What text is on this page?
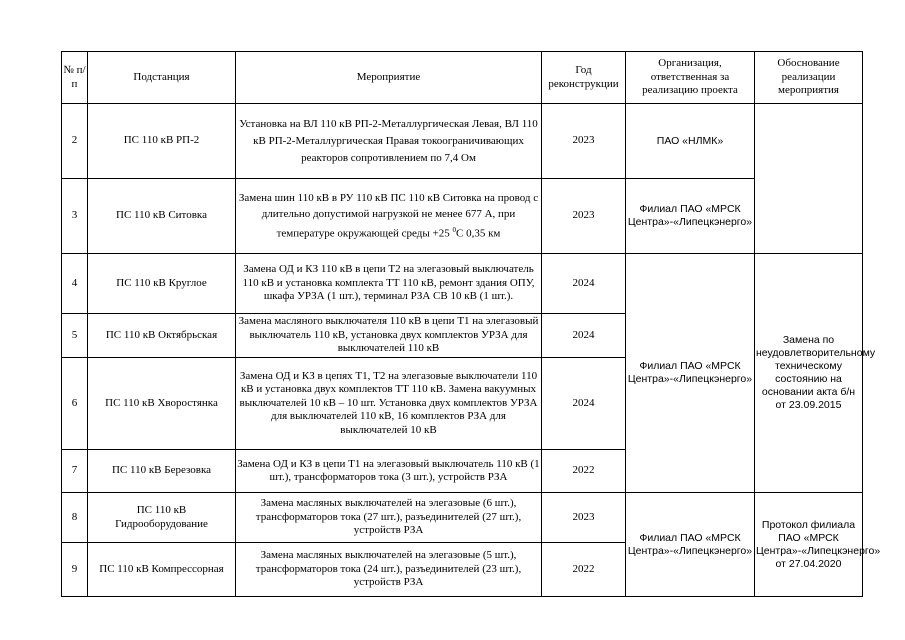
№ п/п	Подстанция	Мероприятие	Год реконструкции	Организация, ответственная за реализацию проекта	Обоснование реализации мероприятия
2	ПС 110 кВ РП-2	Установка на ВЛ 110 кВ РП-2-Металлургическая Левая, ВЛ 110 кВ РП-2-Металлургическая Правая токоограничивающих реакторов сопротивлением по 7,4 Ом	2023	ПАО «НЛМК»	
3	ПС 110 кВ Ситовка	Замена шин 110 кВ в РУ 110 кВ ПС 110 кВ Ситовка на провод с длительно допустимой нагрузкой не менее 677 А, при температуре окружающей среды +25 $^0$С 0,35 км	2023	Филиал ПАО «МРСК Центра»-«Липецкэнерго»	
4	ПС 110 кВ Круглое	Замена ОД и КЗ 110 кВ в цепи Т2 на элегазовый выключатель 110 кВ и установка комплекта ТТ 110 кВ, ремонт здания ОПУ, шкафа УРЗА (1 шт.), терминал РЗА СВ 10 кВ (1 шт.).	2024	Филиал ПАО «МРСК Центра»-«Липецкэнерго»	Замена по неудовлетворительному техническому состоянию на основании акта б/н от 23.09.2015
5	ПС 110 кВ Октябрьская	Замена масляного выключателя 110 кВ в цепи Т1 на элегазовый выключатель 110 кВ, установка двух комплектов УРЗА для выключателей 110 кВ	2024		
6	ПС 110 кВ Хворостянка	Замена ОД и КЗ в цепях Т1, Т2 на элегазовые выключатели 110 кВ и установка двух комплектов ТТ 110 кВ. Замена вакуумных выключателей 10 кВ – 10 шт. Установка двух комплектов УРЗА для выключателей 110 кВ, 16 комплектов РЗА для выключателей 10 кВ	2024		
7	ПС 110 кВ Березовка	Замена ОД и КЗ в цепи Т1 на элегазовый выключатель 110 кВ (1 шт.), трансформаторов тока (3 шт.), устройств РЗА	2022		
8	ПС 110 кВ Гидрооборудование	Замена масляных выключателей на элегазовые (6 шт.), трансформаторов тока (27 шт.), разъединителей (27 шт.), устройств РЗА	2023	Филиал ПАО «МРСК Центра»-«Липецкэнерго»	Протокол филиала ПАО «МРСК Центра»-«Липецкэнерго» от 27.04.2020
9	ПС 110 кВ Компрессорная	Замена масляных выключателей на элегазовые (5 шт.), трансформаторов тока (24 шт.), разъединителей (23 шт.), устройств РЗА	2022		
